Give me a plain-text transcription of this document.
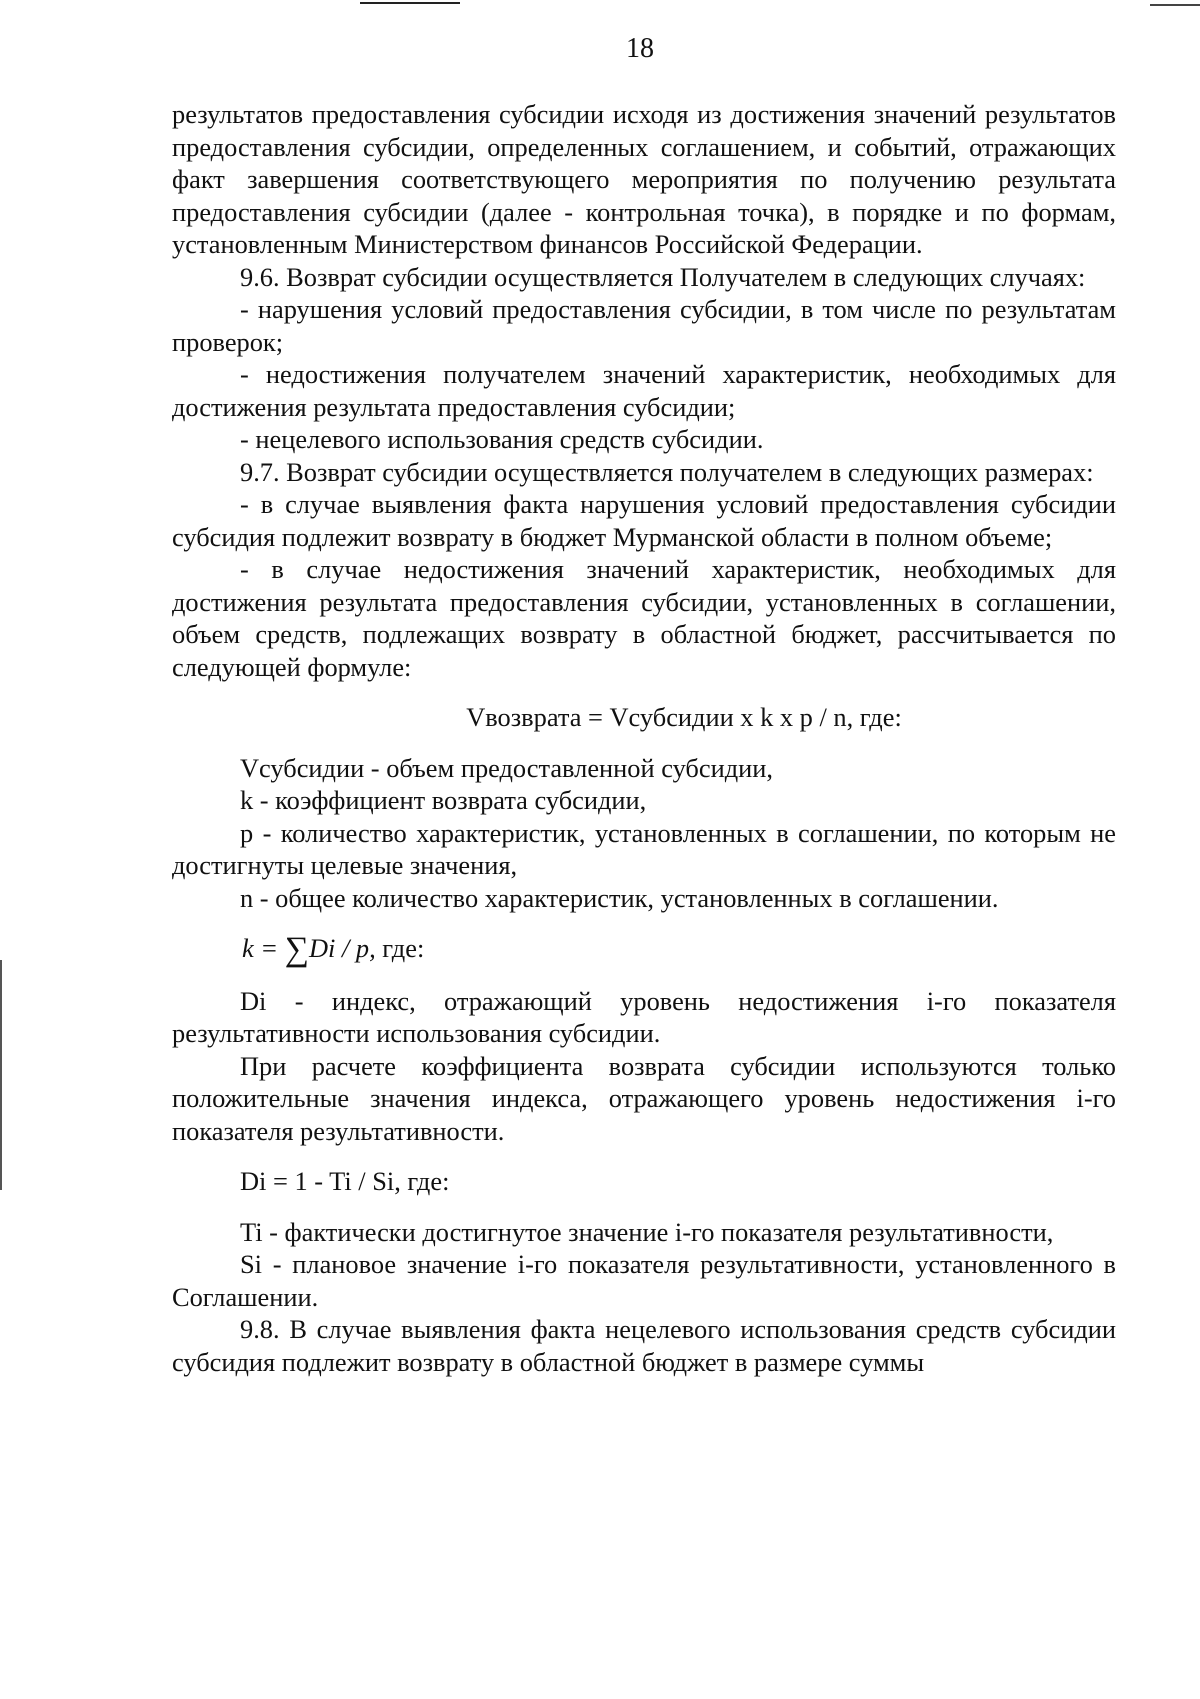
18

результатов предоставления субсидии исходя из достижения значений результатов предоставления субсидии, определенных соглашением, и событий, отражающих факт завершения соответствующего мероприятия по получению результата предоставления субсидии (далее - контрольная точка), в порядке и по формам, установленным Министерством финансов Российской Федерации.

9.6. Возврат субсидии осуществляется Получателем в следующих случаях:

- нарушения условий предоставления субсидии, в том числе по результатам проверок;

- недостижения получателем значений характеристик, необходимых для достижения результата предоставления субсидии;

- нецелевого использования средств субсидии.

9.7. Возврат субсидии осуществляется получателем в следующих размерах:

- в случае выявления факта нарушения условий предоставления субсидии субсидия подлежит возврату в бюджет Мурманской области в полном объеме;

- в случае недостижения значений характеристик, необходимых для достижения результата предоставления субсидии, установленных в соглашении, объем средств, подлежащих возврату в областной бюджет, рассчитывается по следующей формуле:

Vвозврата = Vсубсидии x k x p / n, где:

Vсубсидии - объем предоставленной субсидии,

k - коэффициент возврата субсидии,

p - количество характеристик, установленных в соглашении, по которым не достигнуты целевые значения,

n - общее количество характеристик, установленных в соглашении.

k = ∑Di / p, где:

Di - индекс, отражающий уровень недостижения i-го показателя результативности использования субсидии.

При расчете коэффициента возврата субсидии используются только положительные значения индекса, отражающего уровень недостижения i-го показателя результативности.

Di = 1 - Ti / Si, где:

Ti - фактически достигнутое значение i-го показателя результативности,

Si - плановое значение i-го показателя результативности, установленного в Соглашении.

9.8. В случае выявления факта нецелевого использования средств субсидии субсидия подлежит возврату в областной бюджет в размере суммы
